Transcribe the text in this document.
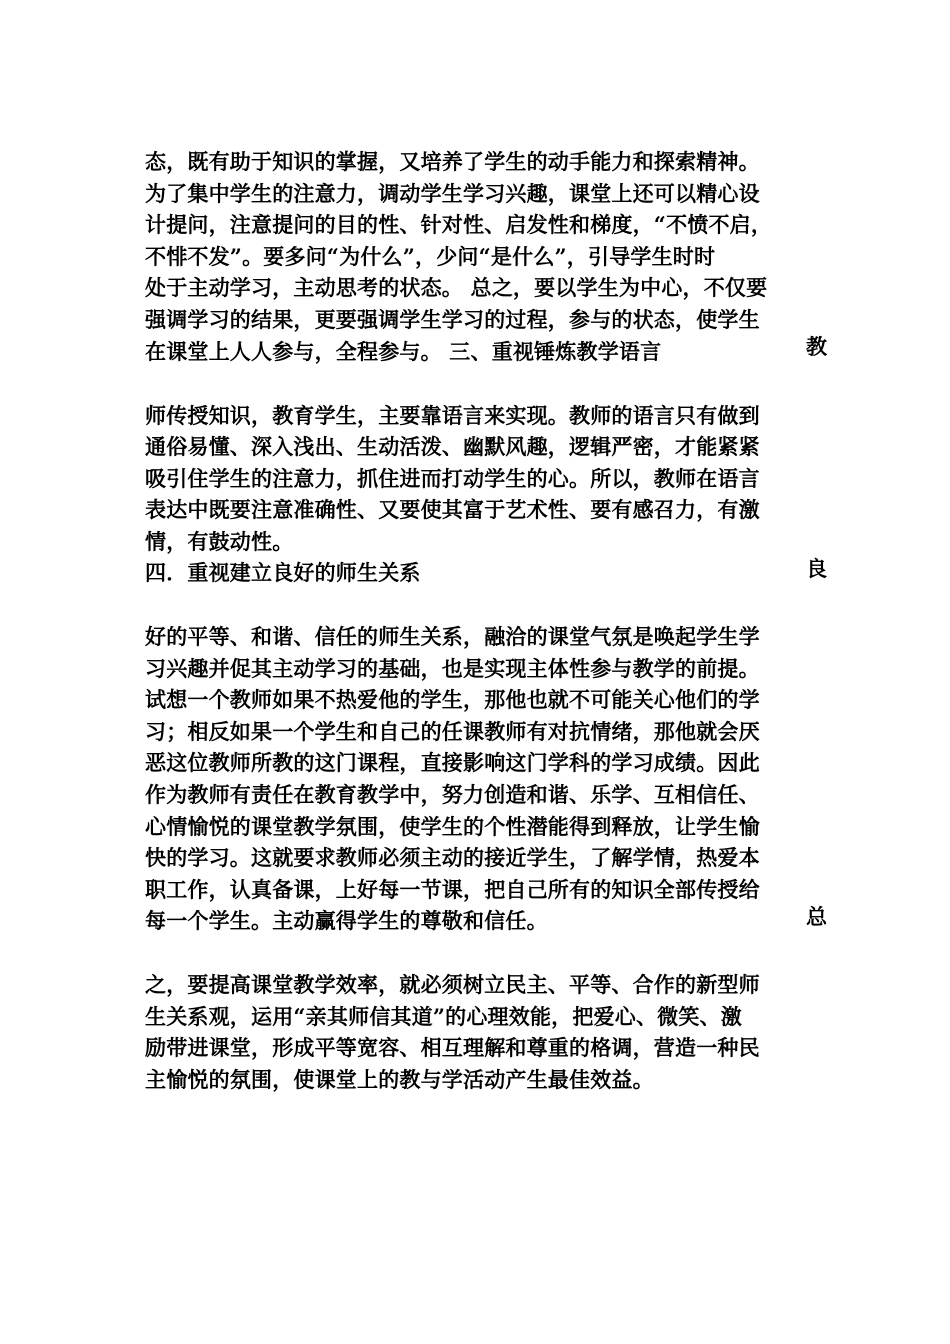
态，既有助于知识的掌握，又培养了学生的动手能力和探索精神。
为了集中学生的注意力，调动学生学习兴趣，课堂上还可以精心设
计提问，注意提问的目的性、针对性、启发性和梯度，“不愤不启，
不悱不发”。要多问“为什么”，少问“是什么”，引导学生时时
处于主动学习，主动思考的状态。 总之，要以学生为中心，不仅要
强调学习的结果，更要强调学生学习的过程，参与的状态，使学生
在课堂上人人参与，全程参与。 三、重视锤炼教学语言	教
师传授知识，教育学生，主要靠语言来实现。教师的语言只有做到
通俗易懂、深入浅出、生动活泼、幽默风趣，逻辑严密，才能紧紧
吸引住学生的注意力，抓住进而打动学生的心。所以，教师在语言
表达中既要注意准确性、又要使其富于艺术性、要有感召力，有激
情，有鼓动性。
四．重视建立良好的师生关系	良
好的平等、和谐、信任的师生关系，融洽的课堂气氛是唤起学生学
习兴趣并促其主动学习的基础，也是实现主体性参与教学的前提。
试想一个教师如果不热爱他的学生，那他也就不可能关心他们的学
习；相反如果一个学生和自己的任课教师有对抗情绪，那他就会厌
恶这位教师所教的这门课程，直接影响这门学科的学习成绩。因此
作为教师有责任在教育教学中，努力创造和谐、乐学、互相信任、
心情愉悦的课堂教学氛围，使学生的个性潜能得到释放，让学生愉
快的学习。这就要求教师必须主动的接近学生，了解学情，热爱本
职工作，认真备课，上好每一节课，把自己所有的知识全部传授给
每一个学生。主动赢得学生的尊敬和信任。	总
之，要提高课堂教学效率，就必须树立民主、平等、合作的新型师
生关系观，运用“亲其师信其道”的心理效能，把爱心、微笑、激
励带进课堂，形成平等宽容、相互理解和尊重的格调，营造一种民
主愉悦的氛围，使课堂上的教与学活动产生最佳效益。
